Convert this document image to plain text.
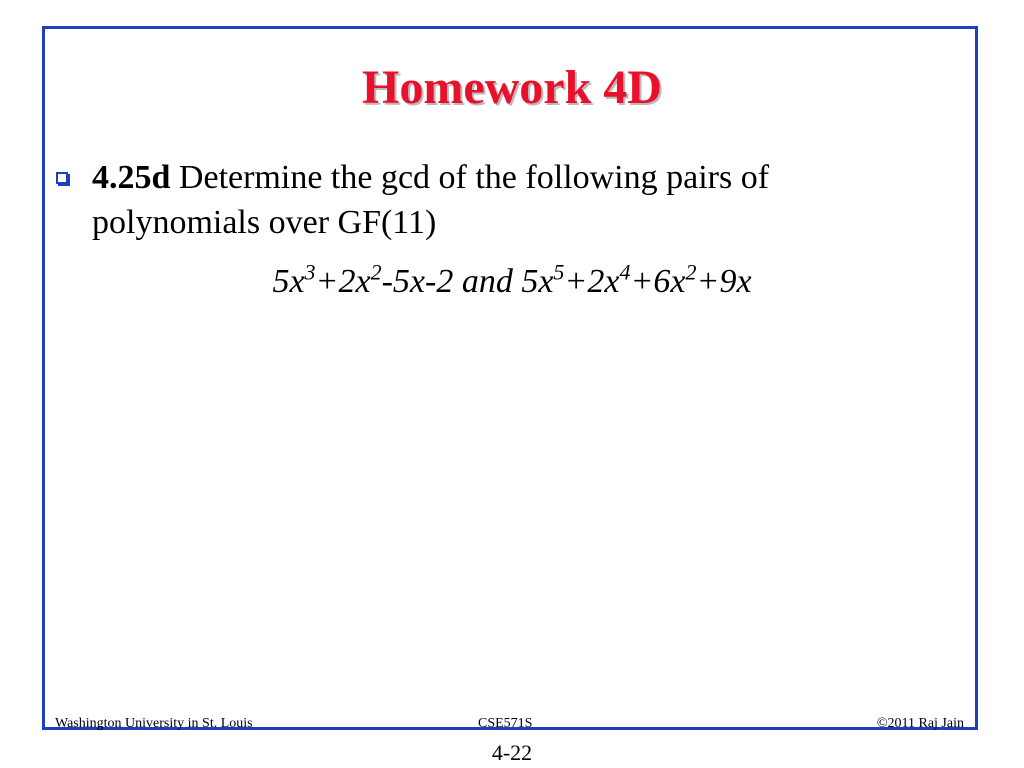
Homework 4D
4.25d Determine the gcd of the following pairs of
polynomials over GF(11)
$5x^3+2x^2-5x-2$ and $5x^5+2x^4+6x^2+9x$
Washington University in St. Louis	CSE571S	©2011 Raj Jain
4-22
